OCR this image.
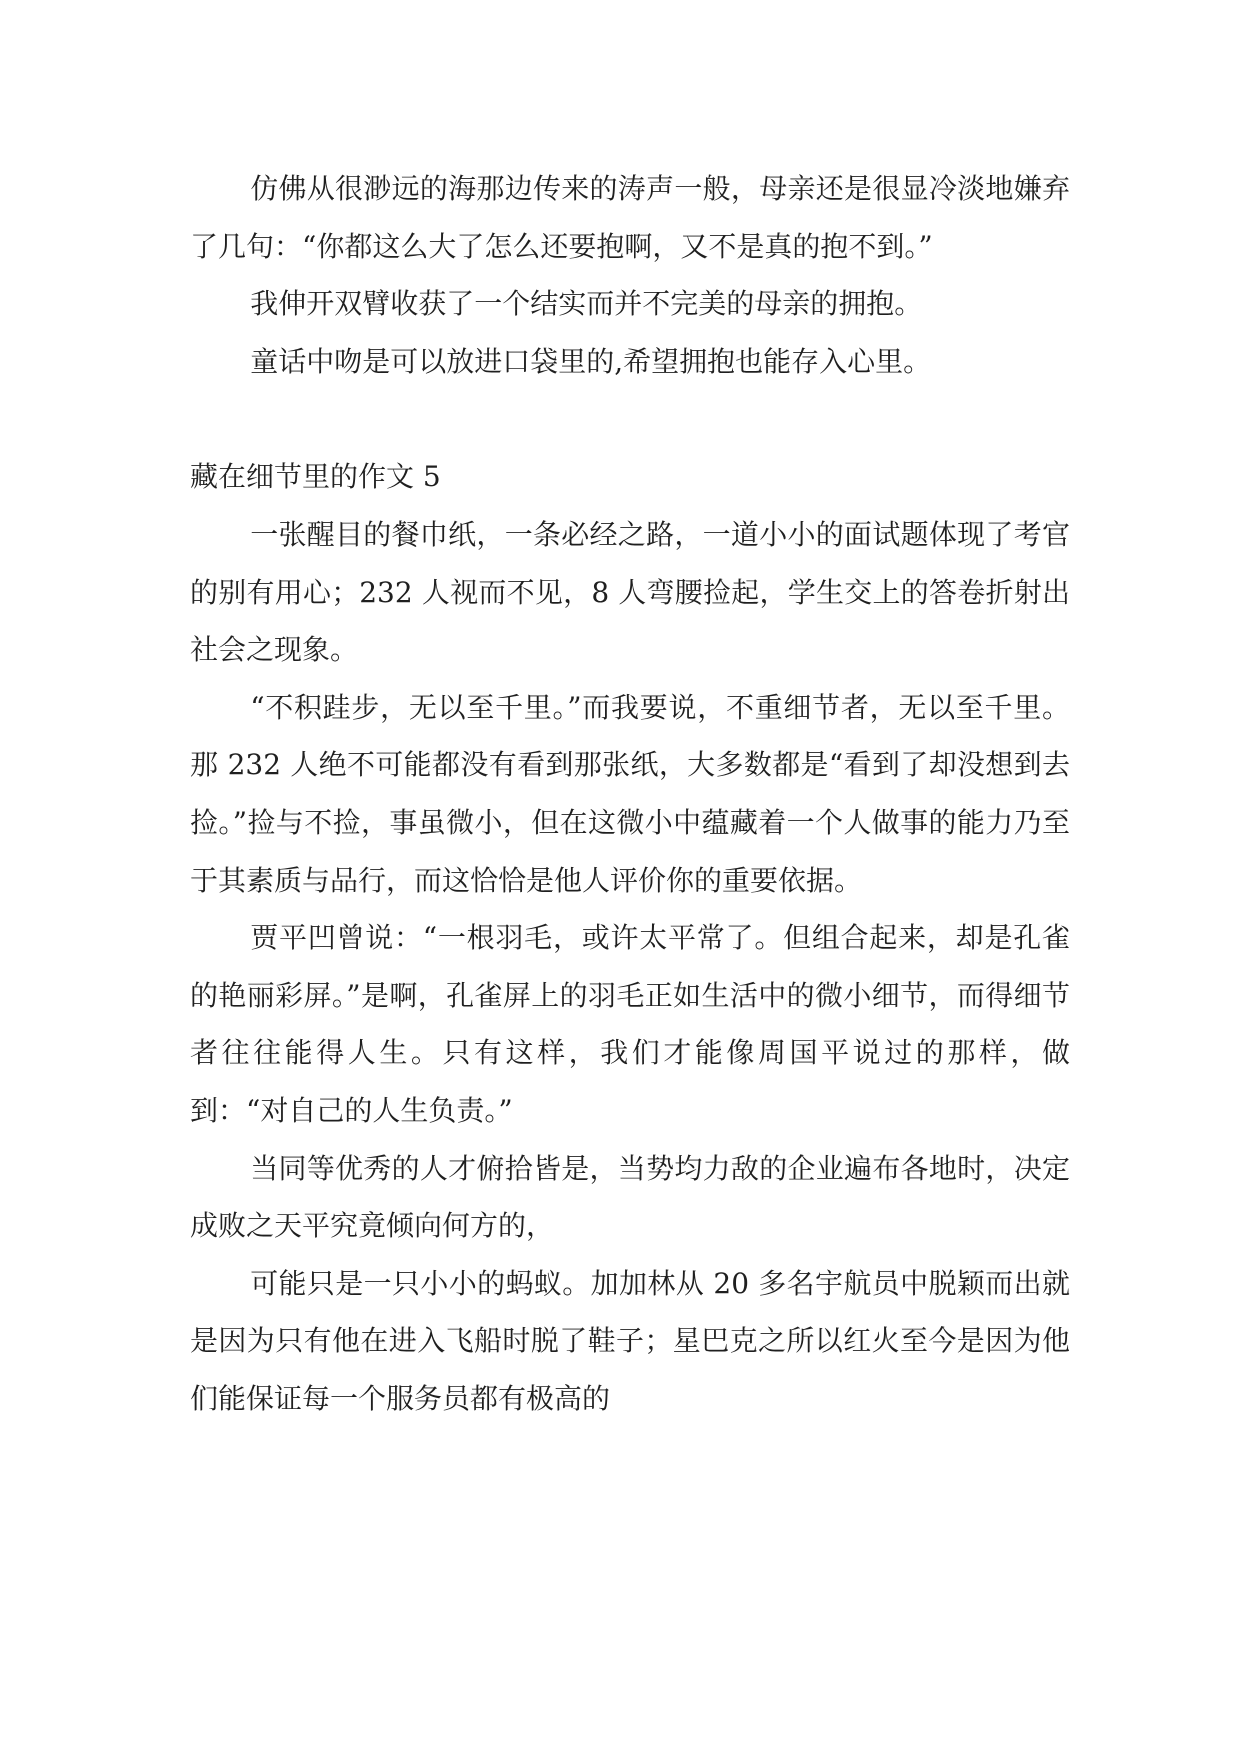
仿佛从很渺远的海那边传来的涛声一般，母亲还是很显冷淡地嫌弃了几句：“你都这么大了怎么还要抱啊，又不是真的抱不到。”

我伸开双臂收获了一个结实而并不完美的母亲的拥抱。

童话中吻是可以放进口袋里的,希望拥抱也能存入心里。

藏在细节里的作文 5

一张醒目的餐巾纸，一条必经之路，一道小小的面试题体现了考官的别有用心；232 人视而不见，8 人弯腰捡起，学生交上的答卷折射出社会之现象。

“不积跬步，无以至千里。”而我要说，不重细节者，无以至千里。那 232 人绝不可能都没有看到那张纸，大多数都是“看到了却没想到去捡。”捡与不捡，事虽微小，但在这微小中蕴藏着一个人做事的能力乃至于其素质与品行，而这恰恰是他人评价你的重要依据。

贾平凹曾说：“一根羽毛，或许太平常了。但组合起来，却是孔雀的艳丽彩屏。”是啊，孔雀屏上的羽毛正如生活中的微小细节，而得细节者往往能得人生。只有这样，我们才能像周国平说过的那样，做到：“对自己的人生负责。”

当同等优秀的人才俯拾皆是，当势均力敌的企业遍布各地时，决定成败之天平究竟倾向何方的，

可能只是一只小小的蚂蚁。加加林从 20 多名宇航员中脱颖而出就是因为只有他在进入飞船时脱了鞋子；星巴克之所以红火至今是因为他们能保证每一个服务员都有极高的
